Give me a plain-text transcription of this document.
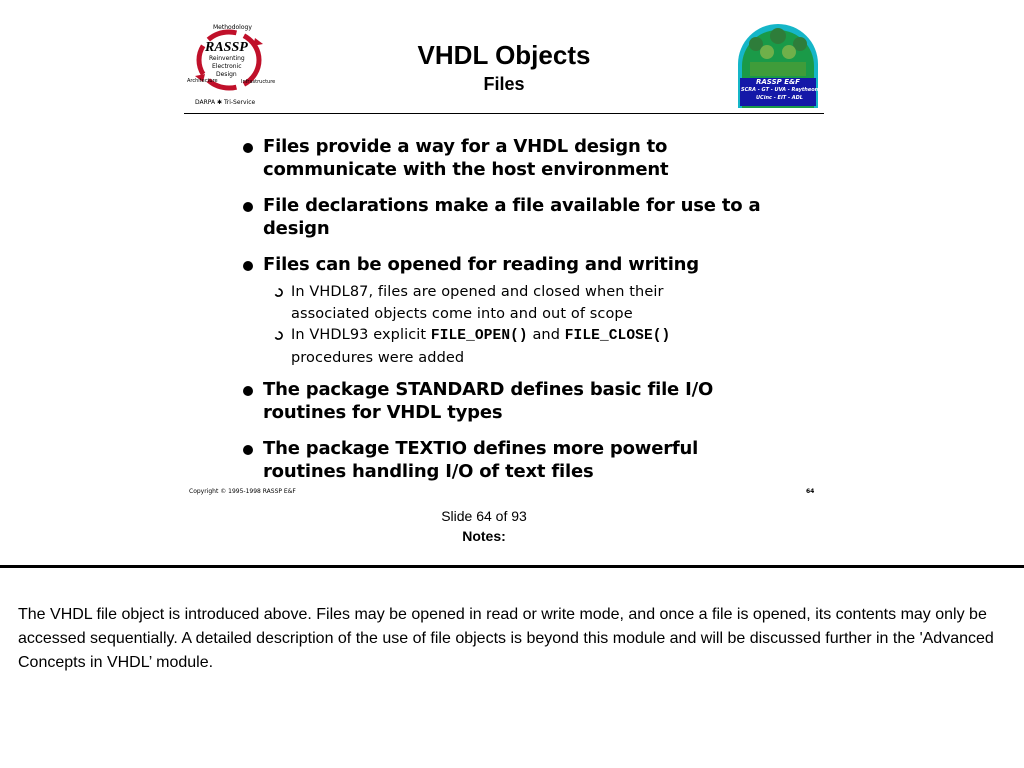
Methodology
RASSP
Reinventing
Electronic
Design
Architecture	Infrastructure
DARPA ✱ Tri-Service
VHDL Objects
Files	RASSP E&F
SCRA - GT - UVA - Raytheon
UCinc - EIT - ADL
Files provide a way for a VHDL design to
communicate with the host environment
File declarations make a file available for use to a
design
Files can be opened for reading and writing
In VHDL87, files are opened and closed when their
associated objects come into and out of scope
In VHDL93 explicit FILE_OPEN() and FILE_CLOSE()
procedures were added
The package STANDARD defines basic file I/O
routines for VHDL types
The package TEXTIO defines more powerful
routines handling I/O of text files
Copyright © 1995-1998 RASSP E&F	64
Slide 64 of 93
Notes:
The VHDL file object is introduced above. Files may be opened in read or write mode, and once a file is opened, its contents may only be accessed sequentially. A detailed description of the use of file objects is beyond this module and will be discussed further in the 'Advanced Concepts in VHDL’ module.
